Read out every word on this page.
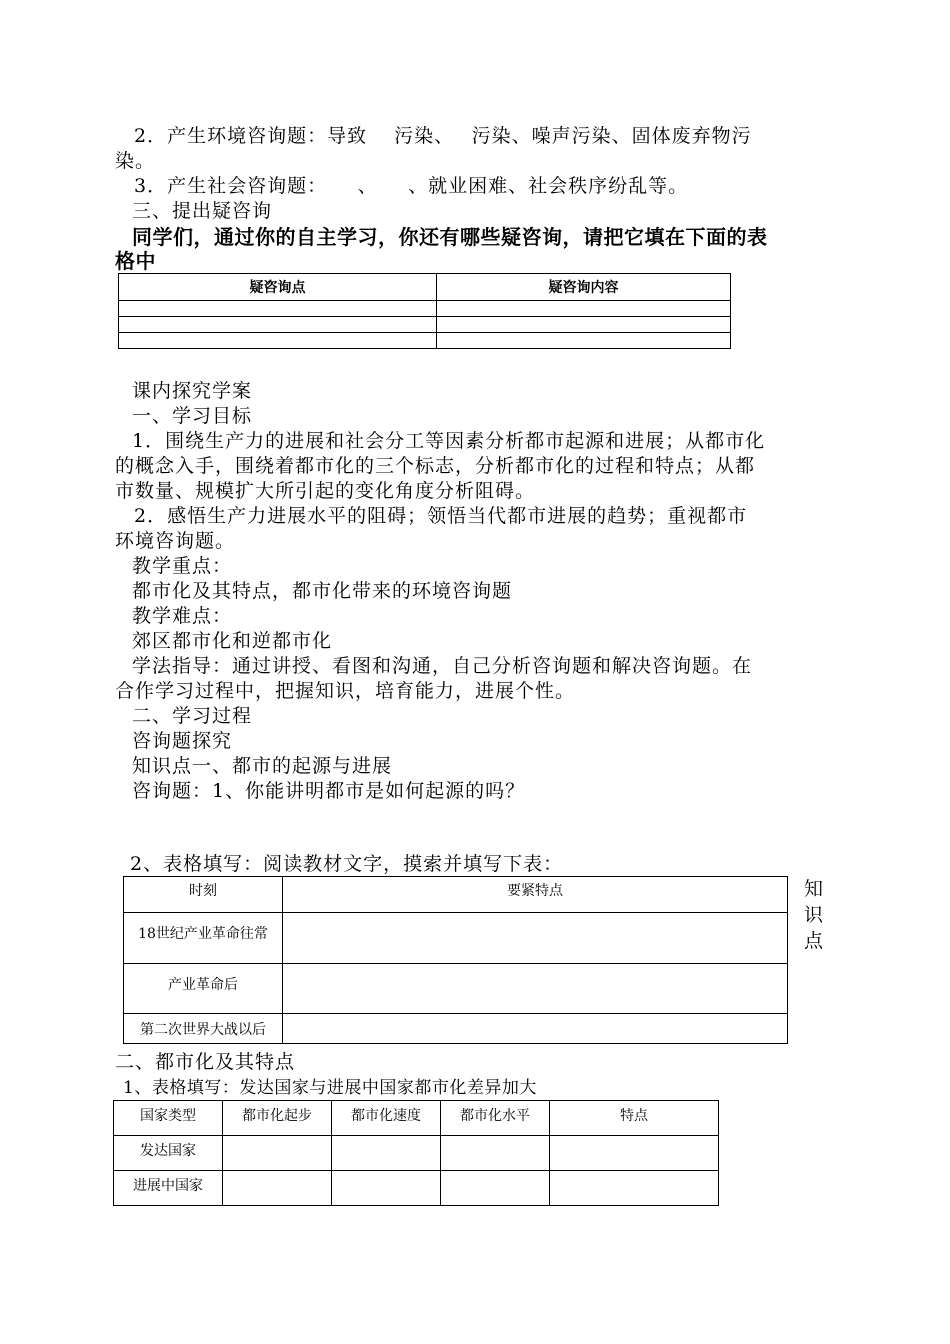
2．产生环境咨询题：导致　 污染、　 污染、噪声污染、固体废弃物污
染。
3．产生社会咨询题：　　、　　、就业困难、社会秩序纷乱等。
三、提出疑咨询
同学们，通过你的自主学习，你还有哪些疑咨询，请把它填在下面的表
格中
疑咨询点	疑咨询内容

课内探究学案
一、学习目标
1．围绕生产力的进展和社会分工等因素分析都市起源和进展；从都市化
的概念入手，围绕着都市化的三个标志，分析都市化的过程和特点；从都
市数量、规模扩大所引起的变化角度分析阻碍。
2．感悟生产力进展水平的阻碍；领悟当代都市进展的趋势；重视都市
环境咨询题。
教学重点：
都市化及其特点，都市化带来的环境咨询题
教学难点：
郊区都市化和逆都市化
学法指导：通过讲授、看图和沟通，自己分析咨询题和解决咨询题。在
合作学习过程中，把握知识，培育能力，进展个性。
二、学习过程
咨询题探究
知识点一、都市的起源与进展
咨询题：1、你能讲明都市是如何起源的吗？
2、表格填写：阅读教材文字，摸索并填写下表：
时刻	要紧特点
18世纪产业革命往常	
产业革命后	
第二次世界大战以后	
知
识
点
二、都市化及其特点
1、表格填写：发达国家与进展中国家都市化差异加大
国家类型	都市化起步	都市化速度	都市化水平	特点
发达国家				
进展中国家				
